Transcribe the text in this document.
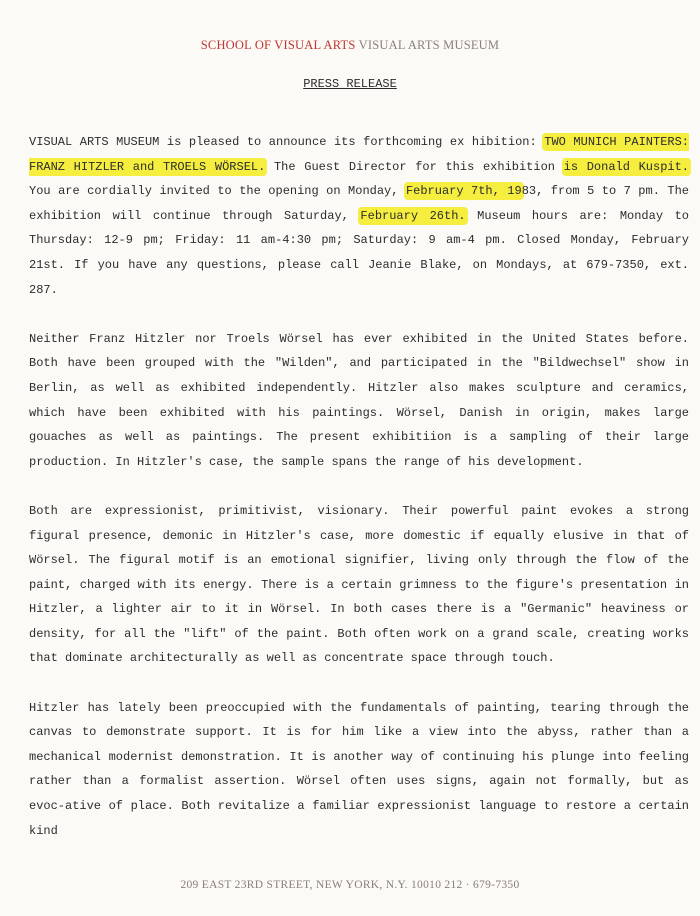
SCHOOL OF VISUAL ARTS VISUAL ARTS MUSEUM
PRESS RELEASE

VISUAL ARTS MUSEUM is pleased to announce its forthcoming ex hibition: TWO MUNICH PAINTERS: FRANZ HITZLER and TROELS WÖRSEL. The Guest Director for this exhibition is Donald Kuspit. You are cordially invited to the opening on Monday, February 7th, 1983, from 5 to 7 pm. The exhibition will continue through Saturday, February 26th. Museum hours are: Monday to Thursday: 12-9 pm; Friday: 11 am-4:30 pm; Saturday: 9 am-4 pm. Closed Monday, February 21st. If you have any questions, please call Jeanie Blake, on Mondays, at 679-7350, ext. 287.

Neither Franz Hitzler nor Troels Wörsel has ever exhibited in the United States before. Both have been grouped with the "Wilden", and participated in the "Bildwechsel" show in Berlin, as well as exhibited independently. Hitzler also makes sculpture and ceramics, which have been exhibited with his paintings. Wörsel, Danish in origin, makes large gouaches as well as paintings. The present exhibitiion is a sampling of their large production. In Hitzler's case, the sample spans the range of his development.

Both are expressionist, primitivist, visionary. Their powerful paint evokes a strong figural presence, demonic in Hitzler's case, more domestic if equally elusive in that of Wörsel. The figural motif is an emotional signifier, living only through the flow of the paint, charged with its energy. There is a certain grimness to the figure's presentation in Hitzler, a lighter air to it in Wörsel. In both cases there is a "Germanic" heaviness or density, for all the "lift" of the paint. Both often work on a grand scale, creating works that dominate architecturally as well as concentrate space through touch.

Hitzler has lately been preoccupied with the fundamentals of painting, tearing through the canvas to demonstrate support. It is for him like a view into the abyss, rather than a mechanical modernist demonstration. It is another way of continuing his plunge into feeling rather than a formalist assertion. Wörsel often uses signs, again not formally, but as evoc-ative of place. Both revitalize a familiar expressionist language to restore a certain kind

209 EAST 23RD STREET, NEW YORK, N.Y. 10010 212 · 679-7350
